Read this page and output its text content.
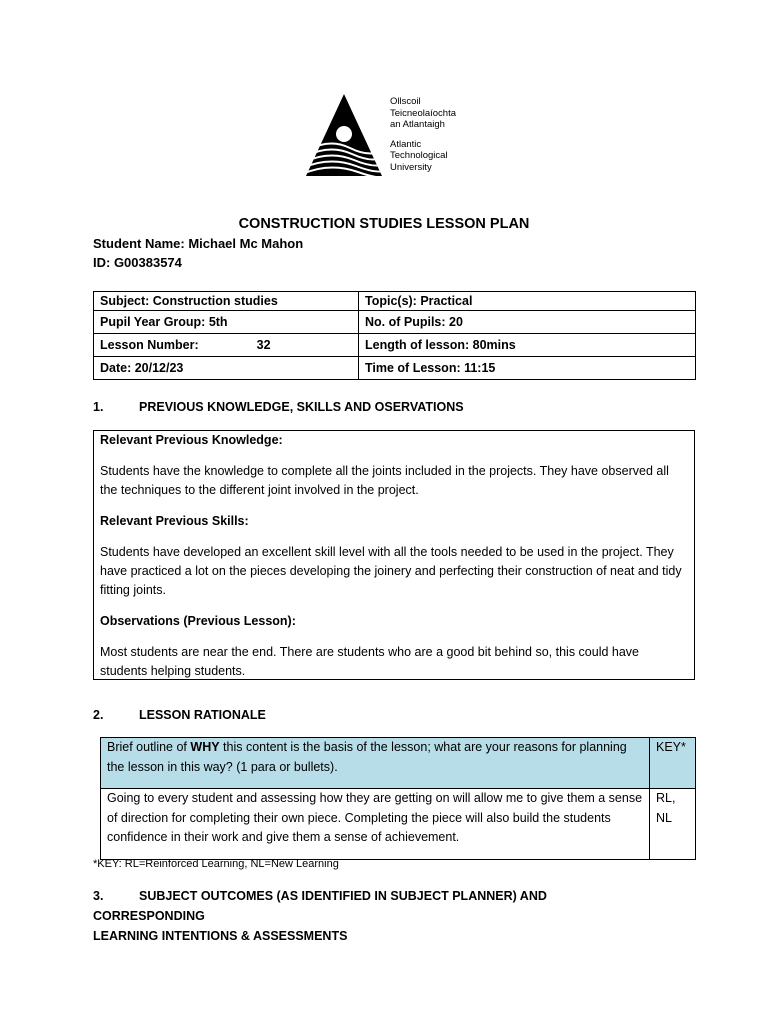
Ollscoil
Teicneolaíochta
an Atlantaigh
Atlantic
Technological
University
CONSTRUCTION STUDIES LESSON PLAN
Student Name: Michael Mc Mahon
ID: G00383574
Subject: Construction studies	Topic(s): Practical
Pupil Year Group: 5th	No. of Pupils: 20
Lesson Number: 32	Length of lesson: 80mins
Date: 20/12/23	Time of Lesson: 11:15
1.	PREVIOUS KNOWLEDGE, SKILLS AND OSERVATIONS

Relevant Previous Knowledge:

Students have the knowledge to complete all the joints included in the projects. They have observed all the techniques to the different joint involved in the project.

Relevant Previous Skills:

Students have developed an excellent skill level with all the tools needed to be used in the project. They have practiced a lot on the pieces developing the joinery and perfecting their construction of neat and tidy fitting joints.

Observations (Previous Lesson):

Most students are near the end. There are students who are a good bit behind so, this could have students helping students.

2.	LESSON RATIONALE
Brief outline of WHY this content is the basis of the lesson; what are your reasons for planning the lesson in this way? (1 para or bullets).	KEY*
Going to every student and assessing how they are getting on will allow me to give them a sense of direction for completing their own piece. Completing the piece will also build the students confidence in their work and give them a sense of achievement.	RL, NL
*KEY: RL=Reinforced Learning, NL=New Learning
3.	SUBJECT OUTCOMES (AS IDENTIFIED IN SUBJECT PLANNER) AND CORRESPONDING
LEARNING INTENTIONS & ASSESSMENTS
